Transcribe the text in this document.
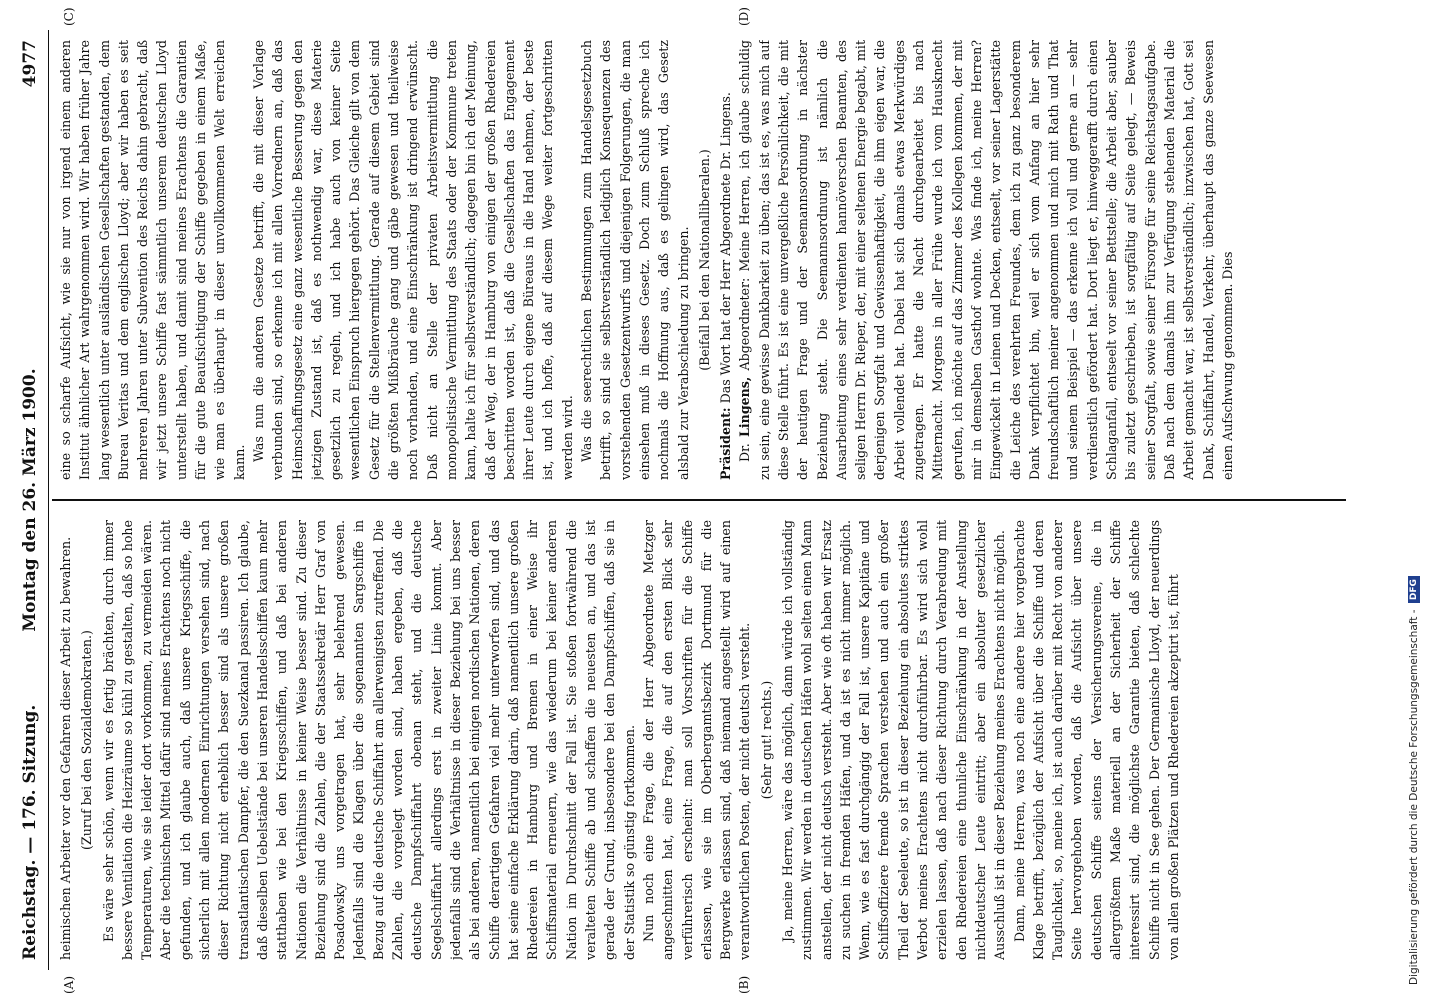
Reichstag. — 176. Sitzung.
Montag den 26. März 1900.
4977
(A)	(B)
(C)	(D)

heimischen Arbeiter vor den Gefahren dieser Arbeit zu bewahren. (Zuruf bei den Sozialdemokraten.) Es wäre sehr schön, wenn wir es fertig brächten, durch immer bessere Ventilation die Heizräume so kühl zu gestalten, daß so hohe Temperaturen, wie sie leider dort vorkommen, zu vermeiden wären. Aber die technischen Mittel dafür sind meines Erachtens noch nicht gefunden, und ich glaube auch, daß unsere Kriegsschiffe, die sicherlich mit allen modernen Einrichtungen versehen sind, nach dieser Richtung nicht erheblich besser sind als unsere großen transatlantischen Dampfer, die den Suezkanal passiren. Ich glaube, daß dieselben Uebelstände bei unseren Handelsschiffen kaum mehr statthaben wie bei den Kriegsschiffen, und daß bei anderen Nationen die Verhältnisse in keiner Weise besser sind. Zu dieser Beziehung sind die Zahlen, die der Staatssekretär Herr Graf von Posadowsky uns vorgetragen hat, sehr belehrend gewesen. Jedenfalls sind die Klagen über die sogenannten Sargschiffe in Bezug auf die deutsche Schiffahrt am allerwenigsten zutreffend. Die Zahlen, die vorgelegt worden sind, haben ergeben, daß die deutsche Dampfschiffahrt obenan steht, und die deutsche Segelschiffahrt allerdings erst in zweiter Linie kommt. Aber jedenfalls sind die Verhältnisse in dieser Beziehung bei uns besser als bei anderen, namentlich bei einigen nordischen Nationen, deren Schiffe derartigen Gefahren viel mehr unterworfen sind, und das hat seine einfache Erklärung darin, daß namentlich unsere großen Rhedereien in Hamburg und Bremen in einer Weise ihr Schiffsmaterial erneuern, wie das wiederum bei keiner anderen Nation im Durchschnitt der Fall ist. Sie stoßen fortwährend die veralteten Schiffe ab und schaffen die neuesten an, und das ist gerade der Grund, insbesondere bei den Dampfschiffen, daß sie in der Statistik so günstig fortkommen. Nun noch eine Frage, die der Herr Abgeordnete Metzger angeschnitten hat, eine Frage, die auf den ersten Blick sehr verführerisch erscheint: man soll Vorschriften für die Schiffe erlassen, wie sie im Oberbergamtsbezirk Dortmund für die Bergwerke erlassen sind, daß niemand angestellt wird auf einen verantwortlichen Posten, der nicht deutsch versteht. (Sehr gut! rechts.) Ja, meine Herren, wäre das möglich, dann würde ich vollständig zustimmen. Wir werden in deutschen Häfen wohl selten einen Mann anstellen, der nicht deutsch versteht. Aber wie oft haben wir Ersatz zu suchen in fremden Häfen, und da ist es nicht immer möglich. Wenn, wie es fast durchgängig der Fall ist, unsere Kapitäne und Schiffsoffiziere fremde Sprachen verstehen und auch ein großer Theil der Seeleute, so ist in dieser Beziehung ein absolutes striktes Verbot meines Erachtens nicht durchführbar. Es wird sich wohl erzielen lassen, daß nach dieser Richtung durch Verabredung mit den Rhedereien eine thunliche Einschränkung in der Anstellung nichtdeutscher Leute eintritt; aber ein absoluter gesetzlicher Ausschluß ist in dieser Beziehung meines Erachtens nicht möglich. Dann, meine Herren, was noch eine andere hier vorgebrachte Klage betrifft, bezüglich der Aufsicht über die Schiffe und deren Tauglichkeit, so, meine ich, ist auch darüber mit Recht von anderer Seite hervorgehoben worden, daß die Aufsicht über unsere deutschen Schiffe seitens der Versicherungsvereine, die in allergrößtem Maße materiell an der Sicherheit der Schiffe interessirt sind, die möglichste Garantie bieten, daß schlechte Schiffe nicht in See gehen. Der Germanische Lloyd, der neuerdings von allen großen Plätzen und Rhedereien akzeptirt ist, führt

eine so scharfe Aufsicht, wie sie nur von irgend einem anderen Institut ähnlicher Art wahrgenommen wird. Wir haben früher Jahre lang wesentlich unter ausländischen Gesellschaften gestanden, dem Bureau Veritas und dem englischen Lloyd; aber wir haben es seit mehreren Jahren unter Subvention des Reichs dahin gebracht, daß wir jetzt unsere Schiffe fast sämmtlich unserem deutschen Lloyd unterstellt haben, und damit sind meines Erachtens die Garantien für die gute Beaufsichtigung der Schiffe gegeben in einem Maße, wie man es überhaupt in dieser unvollkommenen Welt erreichen kann.

Was nun die anderen Gesetze betrifft, die mit dieser Vorlage verbunden sind, so erkenne ich mit allen Vorrednern an, daß das Heimschaffungsgesetz eine ganz wesentliche Besserung gegen den jetzigen Zustand ist, daß es nothwendig war, diese Materie gesetzlich zu regeln, und ich habe auch von keiner Seite wesentlichen Einspruch hiergegen gehört. Das Gleiche gilt von dem Gesetz für die Stellenvermittlung. Gerade auf diesem Gebiet sind die größten Mißbräuche gang und gäbe gewesen und theilweise noch vorhanden, und eine Einschränkung ist dringend erwünscht. Daß nicht an Stelle der privaten Arbeitsvermittlung die monopolistische Vermittlung des Staats oder der Kommune treten kann, halte ich für selbstverständlich; dagegen bin ich der Meinung, daß der Weg, der in Hamburg von einigen der großen Rhedereien beschritten worden ist, daß die Gesellschaften das Engagement ihrer Leute durch eigene Büreaus in die Hand nehmen, der beste ist, und ich hoffe, daß auf diesem Wege weiter fortgeschritten werden wird. Was die seerechtlichen Bestimmungen zum Handelsgesetzbuch betrifft, so sind sie selbstverständlich lediglich Konsequenzen des vorstehenden Gesetzentwurfs und diejenigen Folgerungen, die man einsehen muß in dieses Gesetz. Doch zum Schluß spreche ich nochmals die Hoffnung aus, daß es gelingen wird, das Gesetz alsbald zur Verabschiedung zu bringen. (Beifall bei den Nationalliberalen.)

Präsident: Das Wort hat der Herr Abgeordnete Dr. Lingens.

Dr. Lingens, Abgeordneter: Meine Herren, ich glaube schuldig zu sein, eine gewisse Dankbarkeit zu üben; das ist es, was mich auf diese Stelle führt. Es ist eine unvergeßliche Persönlichkeit, die mit der heutigen Frage und der Seemannsordnung in nächster Beziehung steht. Die Seemannsordnung ist nämlich die Ausarbeitung eines sehr verdienten hannöverschen Beamten, des seligen Herrn Dr. Rieper, der, mit einer seltenen Energie begabt, mit derjenigen Sorgfalt und Gewissenhaftigkeit, die ihm eigen war, die Arbeit vollendet hat. Dabei hat sich damals etwas Merkwürdiges zugetragen. Er hatte die Nacht durchgearbeitet bis nach Mitternacht. Morgens in aller Frühe wurde ich vom Hausknecht gerufen, ich möchte auf das Zimmer des Kollegen kommen, der mit mir in demselben Gasthof wohnte. Was finde ich, meine Herren? Eingewickelt in Leinen und Decken, entseelt, vor seiner Lagerstätte die Leiche des verehrten Freundes, dem ich zu ganz besonderem Dank verpflichtet bin, weil er sich vom Anfang an hier sehr freundschaftlich meiner angenommen und mich mit Rath und That und seinem Beispiel — das erkenne ich voll und gerne an — sehr verdienstlich gefördert hat. Dort liegt er, hinweggerafft durch einen Schlaganfall, entseelt vor seiner Bettstelle; die Arbeit aber, sauber bis zuletzt geschrieben, ist sorgfältig auf Seite gelegt, — Beweis seiner Sorgfalt, sowie seiner Fürsorge für seine Reichstagsaufgabe. Daß nach dem damals ihm zur Verfügung stehenden Material die Arbeit gemacht war, ist selbstverständlich; inzwischen hat, Gott sei Dank, Schiffahrt, Handel, Verkehr, überhaupt das ganze Seewesen einen Aufschwung genommen. Dies

Digitalisierung gefördert durch die Deutsche Forschungsgemeinschaft - DFG
